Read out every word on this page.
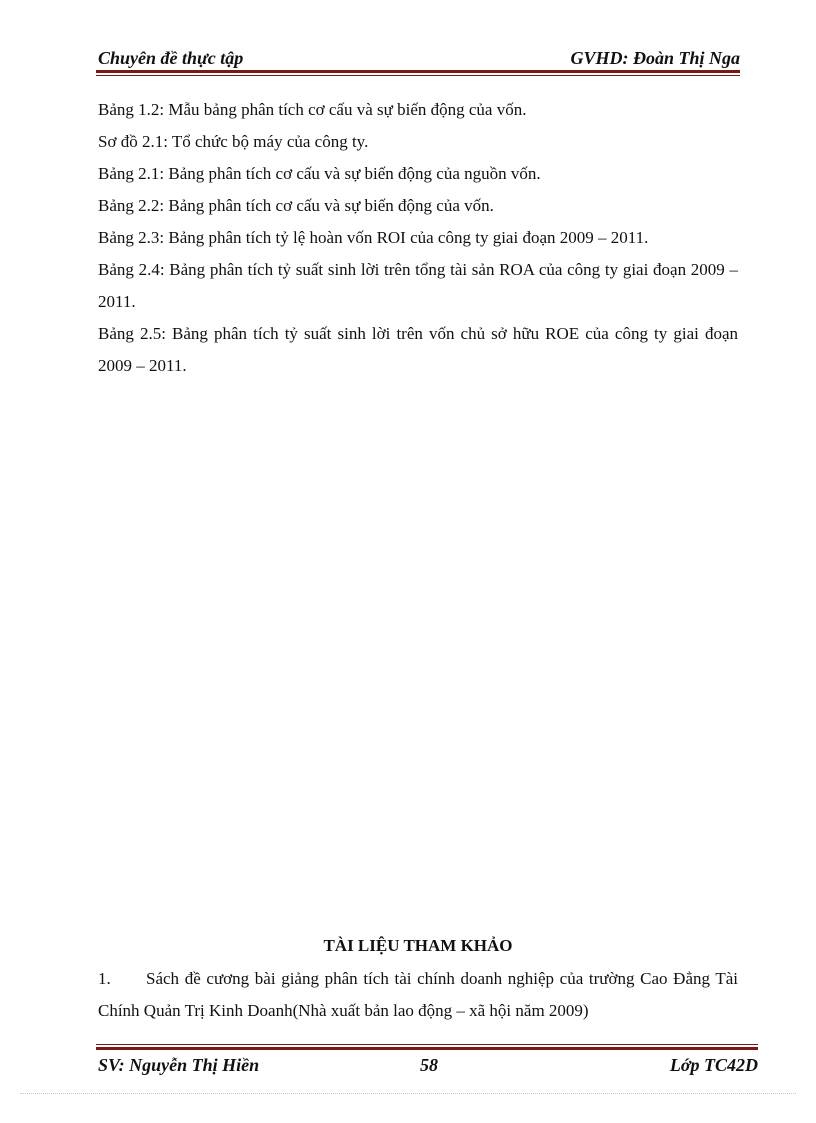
Chuyên đề thực tập	GVHD: Đoàn Thị Nga
Bảng 1.2: Mẫu bảng phân tích cơ cấu và sự biến động của vốn.
Sơ đồ 2.1: Tổ chức bộ máy của công ty.
Bảng 2.1: Bảng phân tích cơ cấu và sự biến động của nguồn vốn.
Bảng 2.2: Bảng phân tích cơ cấu và sự biến động của vốn.
Bảng 2.3: Bảng phân tích tỷ lệ hoàn vốn ROI của công ty giai đoạn 2009 – 2011.
Bảng 2.4: Bảng phân tích tỷ suất sinh lời trên tổng tài sản ROA của công ty giai đoạn 2009 – 2011.
Bảng 2.5: Bảng phân tích tỷ suất sinh lời trên vốn chủ sở hữu ROE của công ty giai đoạn 2009 – 2011.
TÀI LIỆU THAM KHẢO
1. Sách đề cương bài giảng phân tích tài chính doanh nghiệp của trường Cao Đẳng Tài Chính Quản Trị Kinh Doanh(Nhà xuất bản lao động – xã hội năm 2009)
SV: Nguyễn Thị Hiền	58	Lớp TC42D
